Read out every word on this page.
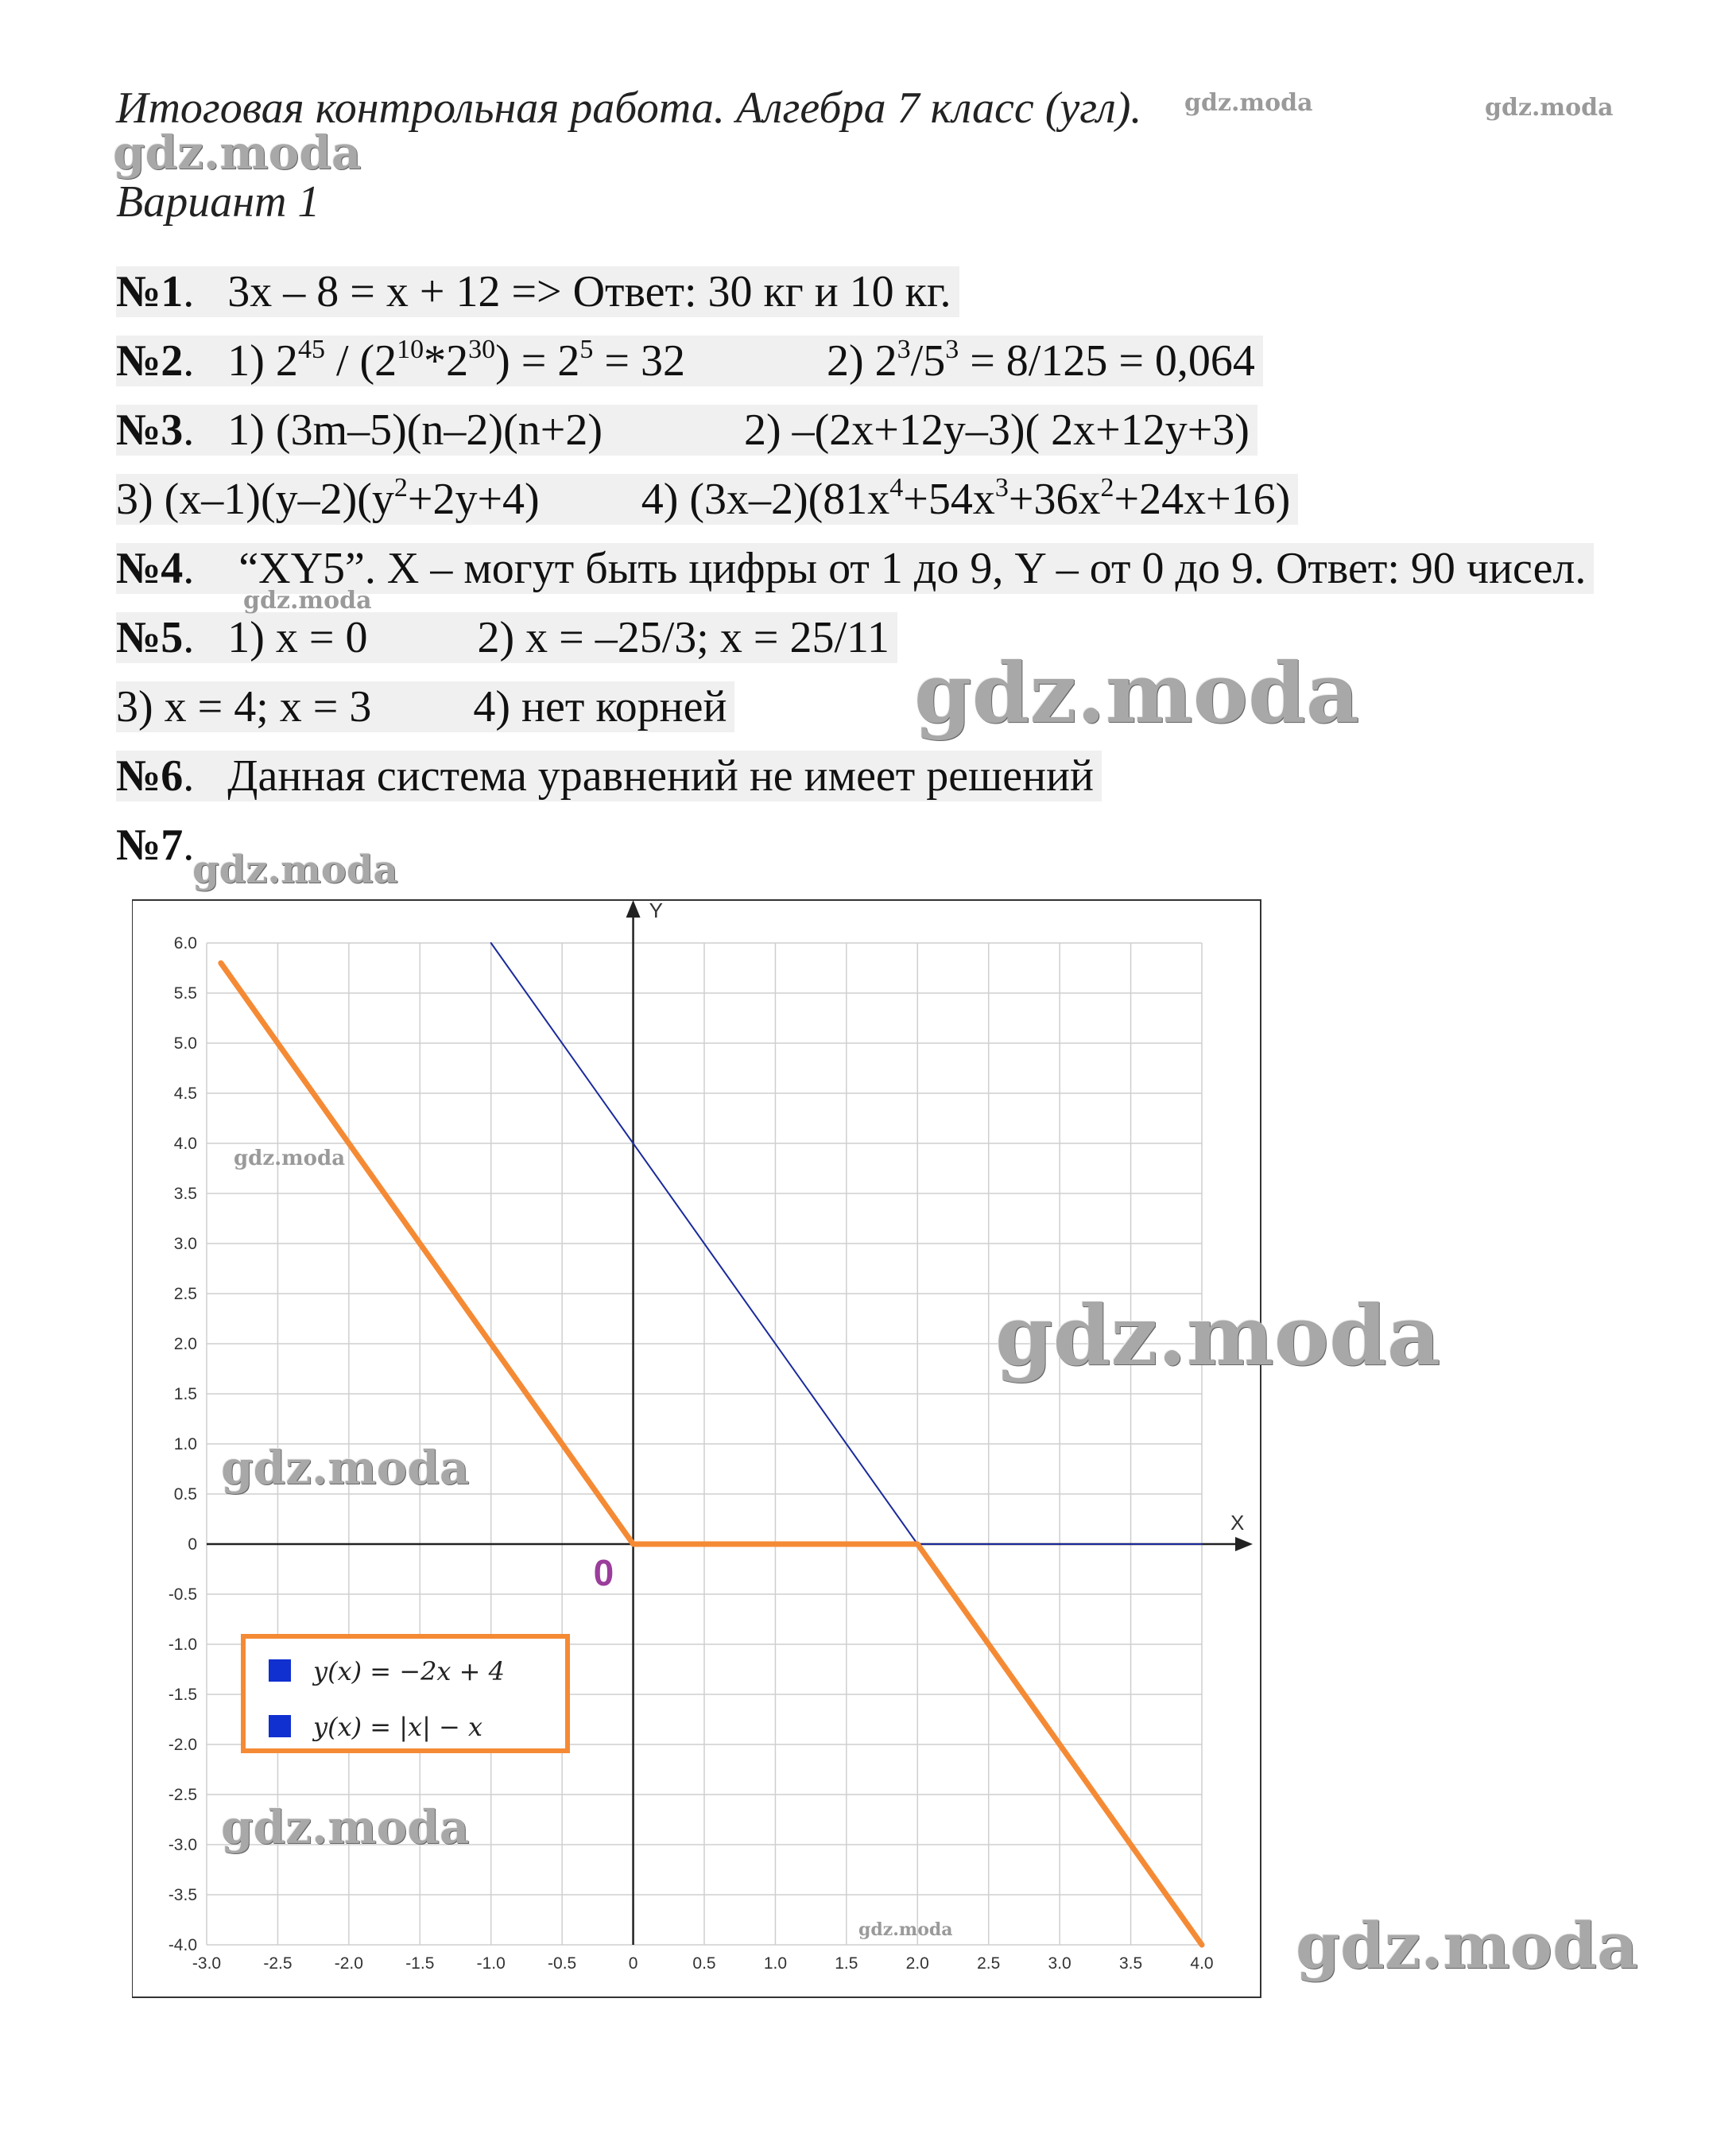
Итоговая контрольная работа. Алгебра 7 класс (угл).
Вариант 1
№1.   3x – 8 = x + 12 => Ответ: 30 кг и 10 кг.
№2.   1) $2^{45} / (2^{10}*2^{30}) = 2^5 = 32$	2) $2^3/5^3 = 8/125 = 0,064$
№3.   1) (3m–5)(n–2)(n+2)	2) –(2x+12y–3)( 2x+12y+3)
3) $(x-1)(y-2)(y^2+2y+4)$ 4) $(3x-2)(81x^4+54x^3+36x^2+24x+16)$
№4.    “XY5”. X – могут быть цифры от 1 до 9, Y – от 0 до 9. Ответ: 90 чисел.
№5.   1) x = 0 2) x = –25/3; x = 25/11
3) x = 4; x = 3 4) нет корней
№6.   Данная система уравнений не имеет решений
№7.
X
Y
0
-3.0	-2.5	-2.0	-1.5	-1.0	-0.5	0	0.5	1.0	1.5	2.0	2.5	3.0	3.5	4.0
6.0
5.5
5.0
4.5
4.0
3.5
3.0
2.5
2.0
1.5
1.0
0.5
0
-0.5
-1.0
-1.5
-2.0
-2.5
-3.0
-3.5
-4.0
y(x) = −2x + 4
y(x) = |x| − x
gdz.moda	gdz.moda
gdz.moda
gdz.moda
gdz.moda
gdz.moda
gdz.moda
gdz.moda
gdz.moda
gdz.moda
gdz.moda	gdz.moda
